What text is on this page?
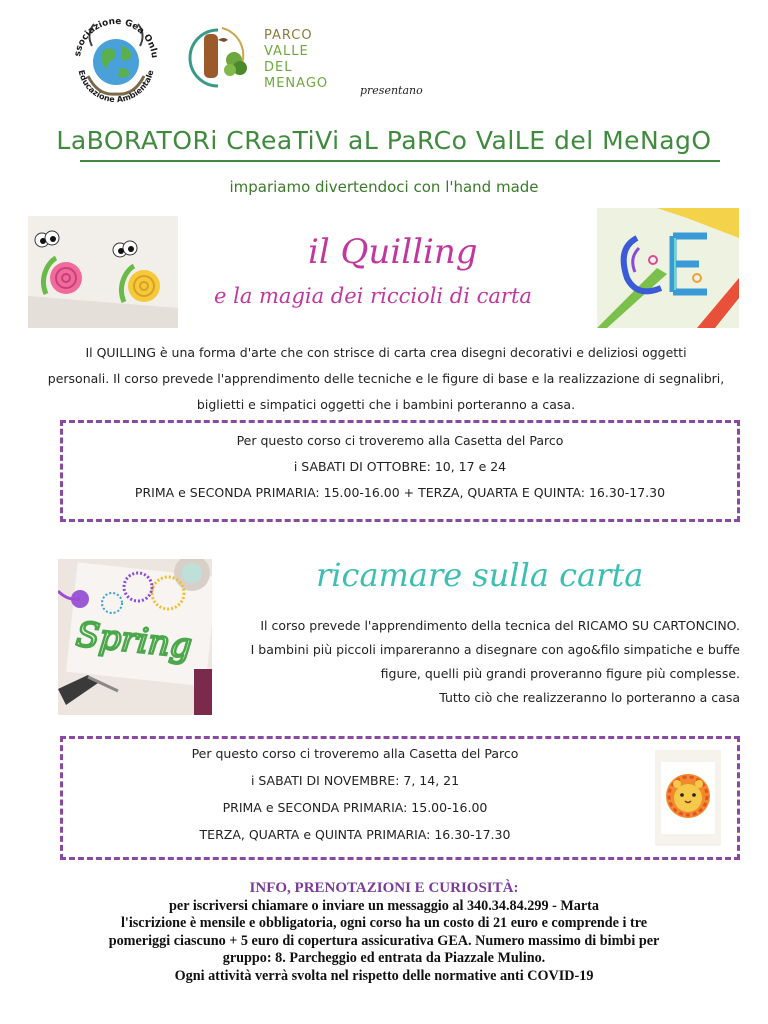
ssociazione Gea Onlu
Educazione Ambientale
PARCO
VALLE DEL
MENAGO	presentano
LaBORATORi CReaTiVi aL PaRCo ValLE del MeNagO
impariamo divertendoci con l'hand made
il Quilling
e la magia dei riccioli di carta
Il QUILLING è una forma d'arte che con strisce di carta crea disegni decorativi e deliziosi oggetti
personali. Il corso prevede l'apprendimento delle tecniche e le figure di base e la realizzazione di segnalibri,
biglietti e simpatici oggetti che i bambini porteranno a casa.
Per questo corso ci troveremo alla Casetta del Parco
i SABATI DI OTTOBRE: 10, 17 e 24
PRIMA e SECONDA PRIMARIA: 15.00-16.00 + TERZA, QUARTA E QUINTA: 16.30-17.30
Spring
ricamare sulla carta
Il corso prevede l'apprendimento della tecnica del RICAMO SU CARTONCINO.
I bambini più piccoli impareranno a disegnare con ago&filo simpatiche e buffe
figure, quelli più grandi proveranno figure più complesse.
Tutto ciò che realizzeranno lo porteranno a casa
Per questo corso ci troveremo alla Casetta del Parco
i SABATI DI NOVEMBRE: 7, 14, 21
PRIMA e SECONDA PRIMARIA: 15.00-16.00
TERZA, QUARTA e QUINTA PRIMARIA: 16.30-17.30
INFO, PRENOTAZIONI E CURIOSITÀ:
per iscriversi chiamare o inviare un messaggio al 340.34.84.299 - Marta
l'iscrizione è mensile e obbligatoria, ogni corso ha un costo di 21 euro e comprende i tre
pomeriggi ciascuno + 5 euro di copertura assicurativa GEA. Numero massimo di bimbi per
gruppo: 8. Parcheggio ed entrata da Piazzale Mulino.
Ogni attività verrà svolta nel rispetto delle normative anti COVID-19
